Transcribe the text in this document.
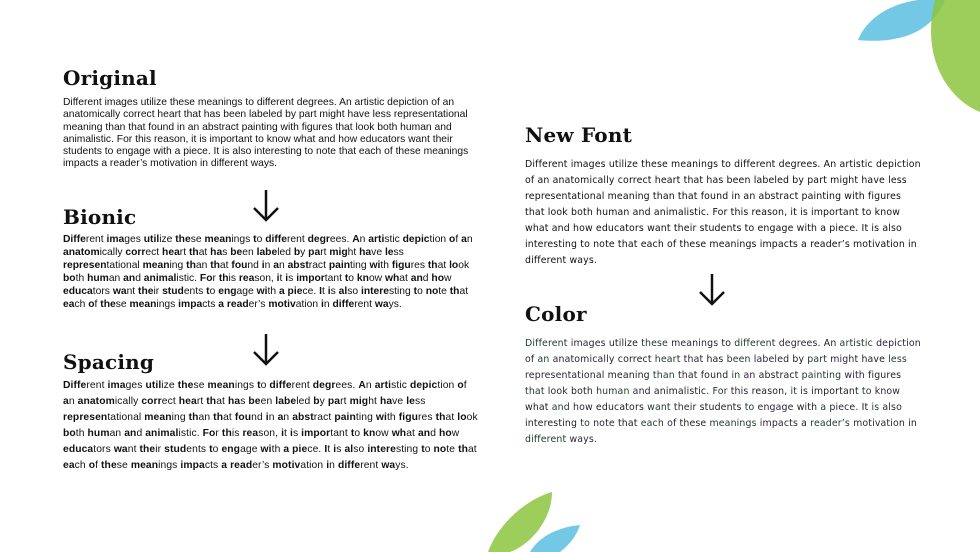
Original

Different images utilize these meanings to different degrees. An artistic depiction of an anatomically correct heart that has been labeled by part might have less representational meaning than that found in an abstract painting with figures that look both human and animalistic. For this reason, it is important to know what and how educators want their students to engage with a piece. It is also interesting to note that each of these meanings impacts a reader’s motivation in different ways.

Bionic

Different images utilize these meanings to different degrees. An artistic depiction of an anatomically correct heart that has been labeled by part might have less representational meaning than that found in an abstract painting with figures that look both human and animalistic. For this reason, it is important to know what and how educators want their students to engage with a piece. It is also interesting to note that each of these meanings impacts a reader’s motivation in different ways.

Spacing

Different images utilize these meanings to different degrees. An artistic depiction of an anatomically correct heart that has been labeled by part might have less representational meaning than that found in an abstract painting with figures that look both human and animalistic. For this reason, it is important to know what and how educators want their students to engage with a piece. It is also interesting to note that each of these meanings impacts a reader’s motivation in different ways.

New Font

Different images utilize these meanings to different degrees. An artistic depiction of an anatomically correct heart that has been labeled by part might have less representational meaning than that found in an abstract painting with figures that look both human and animalistic. For this reason, it is important to know what and how educators want their students to engage with a piece. It is also interesting to note that each of these meanings impacts a reader’s motivation in different ways.

Color

Different images utilize these meanings to different degrees. An artistic depiction of an anatomically correct heart that has been labeled by part might have less representational meaning than that found in an abstract painting with figures that look both human and animalistic. For this reason, it is important to know what and how educators want their students to engage with a piece. It is also interesting to note that each of these meanings impacts a reader’s motivation in different ways.
